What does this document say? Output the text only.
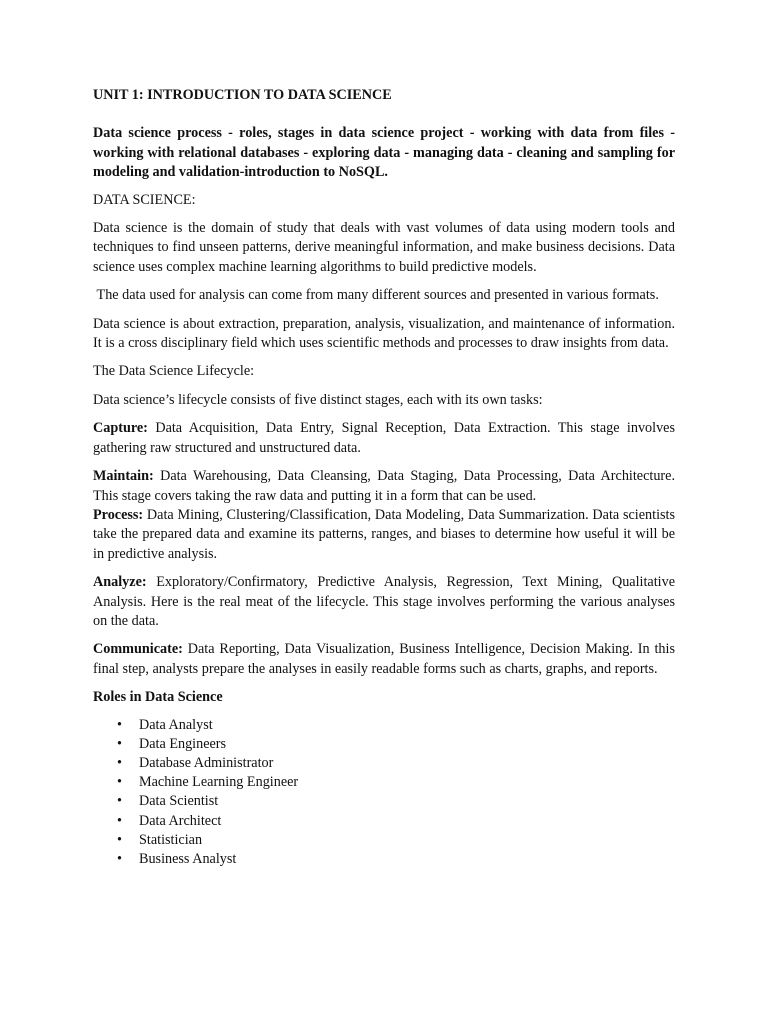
UNIT 1: INTRODUCTION TO DATA SCIENCE

Data science process - roles, stages in data science project - working with data from files -working with relational databases - exploring data - managing data - cleaning and sampling for modeling and validation-introduction to NoSQL.

DATA SCIENCE:

Data science is the domain of study that deals with vast volumes of data using modern tools and techniques to find unseen patterns, derive meaningful information, and make business decisions. Data science uses complex machine learning algorithms to build predictive models.

The data used for analysis can come from many different sources and presented in various formats.

Data science is about extraction, preparation, analysis, visualization, and maintenance of information. It is a cross disciplinary field which uses scientific methods and processes to draw insights from data.

The Data Science Lifecycle:

Data science’s lifecycle consists of five distinct stages, each with its own tasks:

Capture: Data Acquisition, Data Entry, Signal Reception, Data Extraction. This stage involves gathering raw structured and unstructured data.

Maintain: Data Warehousing, Data Cleansing, Data Staging, Data Processing, Data Architecture. This stage covers taking the raw data and putting it in a form that can be used.

Process: Data Mining, Clustering/Classification, Data Modeling, Data Summarization. Data scientists take the prepared data and examine its patterns, ranges, and biases to determine how useful it will be in predictive analysis.

Analyze: Exploratory/Confirmatory, Predictive Analysis, Regression, Text Mining, Qualitative Analysis. Here is the real meat of the lifecycle. This stage involves performing the various analyses on the data.

Communicate: Data Reporting, Data Visualization, Business Intelligence, Decision Making. In this final step, analysts prepare the analyses in easily readable forms such as charts, graphs, and reports.

Roles in Data Science
• Data Analyst
• Data Engineers
• Database Administrator
• Machine Learning Engineer
• Data Scientist
• Data Architect
• Statistician
• Business Analyst
